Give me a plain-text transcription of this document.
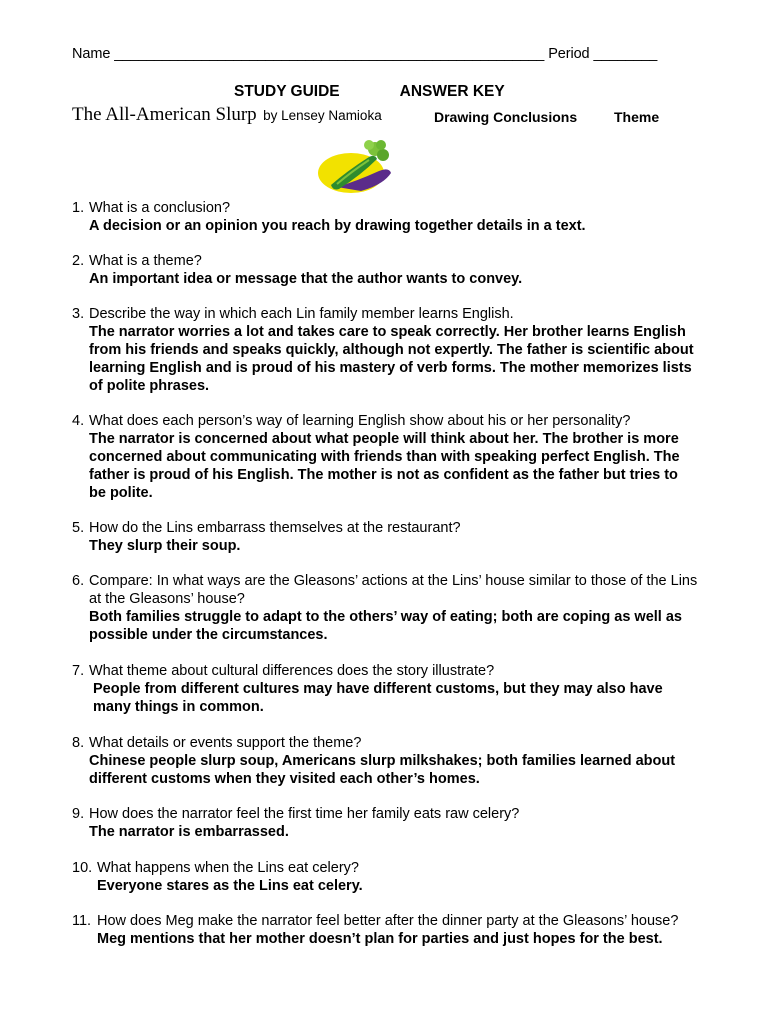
Name ______________________________________________________ Period ________
STUDY GUIDE	ANSWER KEY
The All-American Slurp by Lensey Namioka	Drawing Conclusions	Theme
1. What is a conclusion?
A decision or an opinion you reach by drawing together details in a text.
2. What is a theme?
An important idea or message that the author wants to convey.
3. Describe the way in which each Lin family member learns English.
The narrator worries a lot and takes care to speak correctly. Her brother learns English from his friends and speaks quickly, although not expertly. The father is scientific about learning English and is proud of his mastery of verb forms. The mother memorizes lists of polite phrases.
4. What does each person’s way of learning English show about his or her personality?
The narrator is concerned about what people will think about her. The brother is more concerned about communicating with friends than with speaking perfect English. The father is proud of his English. The mother is not as confident as the father but tries to be polite.
5. How do the Lins embarrass themselves at the restaurant?
They slurp their soup.
6. Compare: In what ways are the Gleasons’ actions at the Lins’ house similar to those of the Lins at the Gleasons’ house?
Both families struggle to adapt to the others’ way of eating; both are coping as well as possible under the circumstances.
7. What theme about cultural differences does the story illustrate?
People from different cultures may have different customs, but they may also have many things in common.
8. What details or events support the theme?
Chinese people slurp soup, Americans slurp milkshakes; both families learned about different customs when they visited each other’s homes.
9. How does the narrator feel the first time her family eats raw celery?
The narrator is embarrassed.
10. What happens when the Lins eat celery?
Everyone stares as the Lins eat celery.
11. How does Meg make the narrator feel better after the dinner party at the Gleasons’ house?
Meg mentions that her mother doesn’t plan for parties and just hopes for the best.
